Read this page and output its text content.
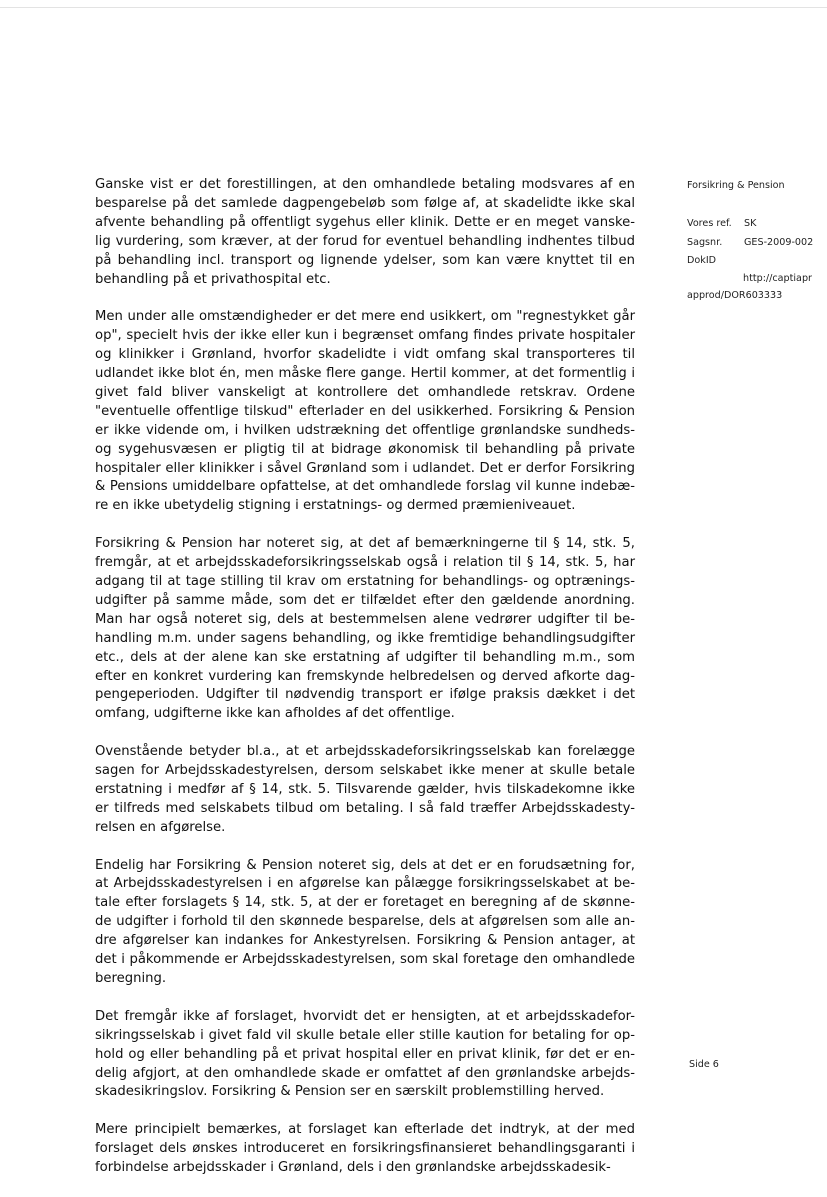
Ganske vist er det forestillingen, at den omhandlede betaling modsvares af en
besparelse på det samlede dagpengebeløb som følge af, at skadelidte ikke skal
afvente behandling på offentligt sygehus eller klinik. Dette er en meget vanske-
lig vurdering, som kræver, at der forud for eventuel behandling indhentes tilbud
på behandling incl. transport og lignende ydelser, som kan være knyttet til en
behandling på et privathospital etc.
Men under alle omstændigheder er det mere end usikkert, om "regnestykket går
op", specielt hvis der ikke eller kun i begrænset omfang findes private hospitaler
og klinikker i Grønland, hvorfor skadelidte i vidt omfang skal transporteres til
udlandet ikke blot én, men måske flere gange. Hertil kommer, at det formentlig i
givet fald bliver vanskeligt at kontrollere det omhandlede retskrav. Ordene
"eventuelle offentlige tilskud" efterlader en del usikkerhed. Forsikring & Pension
er ikke vidende om, i hvilken udstrækning det offentlige grønlandske sundheds-
og sygehusvæsen er pligtig til at bidrage økonomisk til behandling på private
hospitaler eller klinikker i såvel Grønland som i udlandet. Det er derfor Forsikring
& Pensions umiddelbare opfattelse, at det omhandlede forslag vil kunne indebæ-
re en ikke ubetydelig stigning i erstatnings- og dermed præmieniveauet.
Forsikring & Pension har noteret sig, at det af bemærkningerne til § 14, stk. 5,
fremgår, at et arbejdsskadeforsikringsselskab også i relation til § 14, stk. 5, har
adgang til at tage stilling til krav om erstatning for behandlings- og optrænings-
udgifter på samme måde, som det er tilfældet efter den gældende anordning.
Man har også noteret sig, dels at bestemmelsen alene vedrører udgifter til be-
handling m.m. under sagens behandling, og ikke fremtidige behandlingsudgifter
etc., dels at der alene kan ske erstatning af udgifter til behandling m.m., som
efter en konkret vurdering kan fremskynde helbredelsen og derved afkorte dag-
pengeperioden. Udgifter til nødvendig transport er ifølge praksis dækket i det
omfang, udgifterne ikke kan afholdes af det offentlige.
Ovenstående betyder bl.a., at et arbejdsskadeforsikringsselskab kan forelægge
sagen for Arbejdsskadestyrelsen, dersom selskabet ikke mener at skulle betale
erstatning i medfør af § 14, stk. 5. Tilsvarende gælder, hvis tilskadekomne ikke
er tilfreds med selskabets tilbud om betaling. I så fald træffer Arbejdsskadesty-
relsen en afgørelse.
Endelig har Forsikring & Pension noteret sig, dels at det er en forudsætning for,
at Arbejdsskadestyrelsen i en afgørelse kan pålægge forsikringsselskabet at be-
tale efter forslagets § 14, stk. 5, at der er foretaget en beregning af de skønne-
de udgifter i forhold til den skønnede besparelse, dels at afgørelsen som alle an-
dre afgørelser kan indankes for Ankestyrelsen. Forsikring & Pension antager, at
det i påkommende er Arbejdsskadestyrelsen, som skal foretage den omhandlede
beregning.
Det fremgår ikke af forslaget, hvorvidt det er hensigten, at et arbejdsskadefor-
sikringsselskab i givet fald vil skulle betale eller stille kaution for betaling for op-
hold og eller behandling på et privat hospital eller en privat klinik, før det er en-
delig afgjort, at den omhandlede skade er omfattet af den grønlandske arbejds-
skadesikringslov. Forsikring & Pension ser en særskilt problemstilling herved.
Mere principielt bemærkes, at forslaget kan efterlade det indtryk, at der med
forslaget dels ønskes introduceret en forsikringsfinansieret behandlingsgaranti i
forbindelse arbejdsskader i Grønland, dels i den grønlandske arbejdsskadesik-
Forsikring & Pension
Vores ref. SK
Sagsnr. GES-2009-002
DokID
http://captiapr
approd/DOR603333
Side 6
